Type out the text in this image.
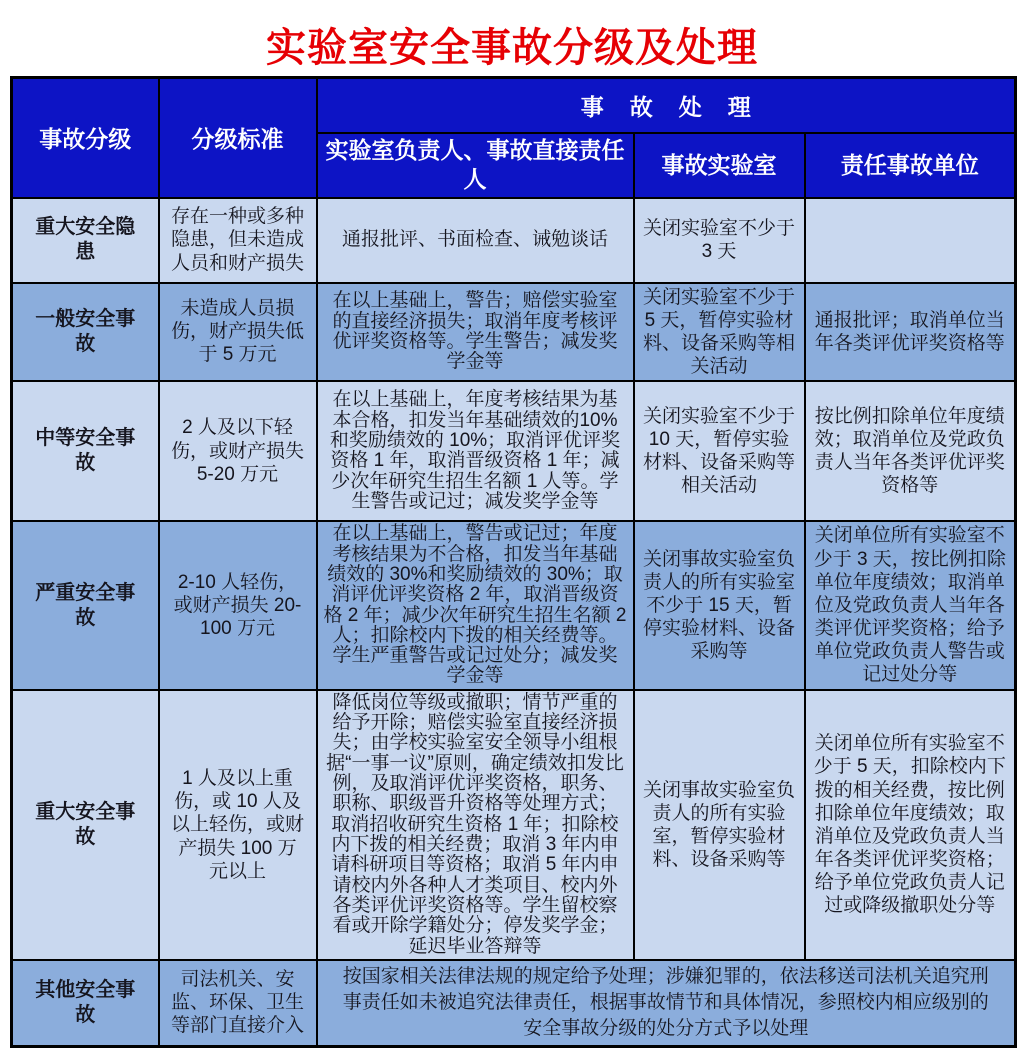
实验室安全事故分级及处理
事故分级	分级标准	事故处理		
		实验室负责人、事故直接责任人	事故实验室	责任事故单位
重大安全隐患	存在一种或多种隐患，但未造成人员和财产损失	通报批评、书面检查、诫勉谈话	关闭实验室不少于 3 天	
一般安全事故	未造成人员损伤，财产损失低于 5 万元	在以上基础上，警告；赔偿实验室的直接经济损失；取消年度考核评优评奖资格等。学生警告；减发奖学金等	关闭实验室不少于 5 天，暂停实验材料、设备采购等相关活动	通报批评；取消单位当年各类评优评奖资格等
中等安全事故	2 人及以下轻伤，或财产损失 5-20 万元	在以上基础上，年度考核结果为基本合格，扣发当年基础绩效的10%和奖励绩效的 10%；取消评优评奖资格 1 年，取消晋级资格 1 年；减少次年研究生招生名额 1 人等。学生警告或记过；减发奖学金等	关闭实验室不少于 10 天，暂停实验材料、设备采购等相关活动	按比例扣除单位年度绩效；取消单位及党政负责人当年各类评优评奖资格等
严重安全事故	2-10 人轻伤，或财产损失 20-100 万元	在以上基础上，警告或记过；年度考核结果为不合格，扣发当年基础绩效的 30%和奖励绩效的 30%；取消评优评奖资格 2 年，取消晋级资格 2 年；减少次年研究生招生名额 2 人；扣除校内下拨的相关经费等。学生严重警告或记过处分；减发奖学金等	关闭事故实验室负责人的所有实验室不少于 15 天，暂停实验材料、设备采购等	关闭单位所有实验室不少于 3 天，按比例扣除单位年度绩效；取消单位及党政负责人当年各类评优评奖资格；给予单位党政负责人警告或记过处分等
重大安全事故	1 人及以上重伤，或 10 人及以上轻伤，或财产损失 100 万元以上	降低岗位等级或撤职；情节严重的给予开除；赔偿实验室直接经济损失；由学校实验室安全领导小组根据“一事一议”原则，确定绩效扣发比例，及取消评优评奖资格，职务、职称、职级晋升资格等处理方式；取消招收研究生资格 1 年；扣除校内下拨的相关经费；取消 3 年内申请科研项目等资格；取消 5 年内申请校内外各种人才类项目、校内外各类评优评奖资格等。学生留校察看或开除学籍处分；停发奖学金；延迟毕业答辩等	关闭事故实验室负责人的所有实验室，暂停实验材料、设备采购等	关闭单位所有实验室不少于 5 天，扣除校内下拨的相关经费，按比例扣除单位年度绩效；取消单位及党政负责人当年各类评优评奖资格；给予单位党政负责人记过或降级撤职处分等
其他安全事故	司法机关、安监、环保、卫生等部门直接介入	按国家相关法律法规的规定给予处理；涉嫌犯罪的，依法移送司法机关追究刑事责任如未被追究法律责任，根据事故情节和具体情况，参照校内相应级别的安全事故分级的处分方式予以处理		
